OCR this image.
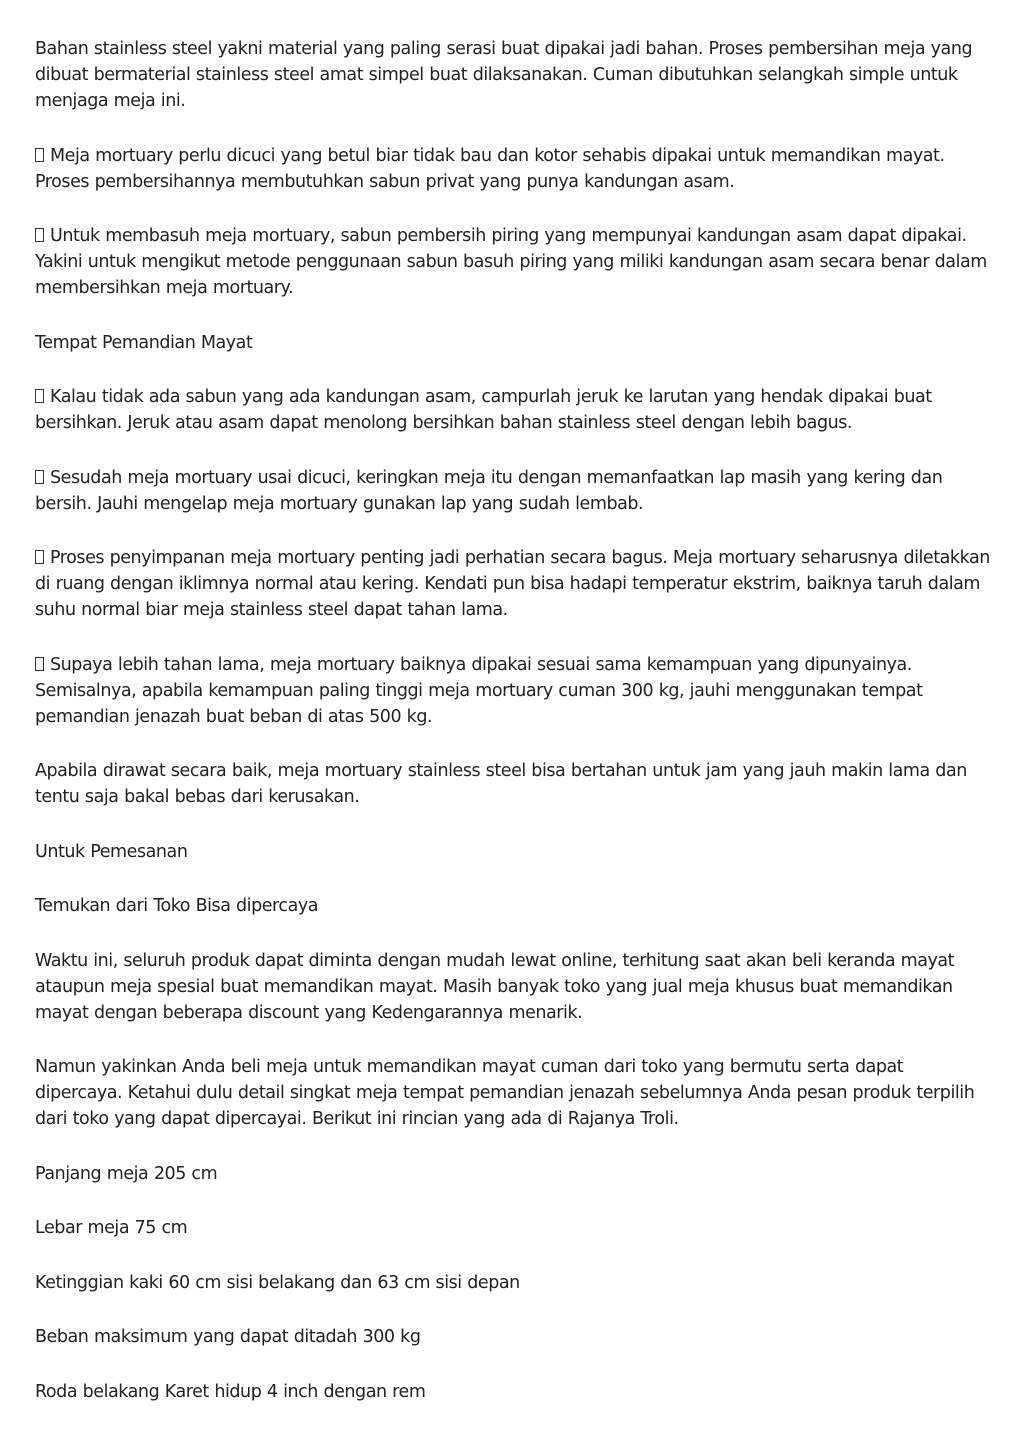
Bahan stainless steel yakni material yang paling serasi buat dipakai jadi bahan. Proses pembersihan meja yang dibuat bermaterial stainless steel amat simpel buat dilaksanakan. Cuman dibutuhkan selangkah simple untuk menjaga meja ini.

Meja mortuary perlu dicuci yang betul biar tidak bau dan kotor sehabis dipakai untuk memandikan mayat. Proses pembersihannya membutuhkan sabun privat yang punya kandungan asam.

Untuk membasuh meja mortuary, sabun pembersih piring yang mempunyai kandungan asam dapat dipakai. Yakini untuk mengikut metode penggunaan sabun basuh piring yang miliki kandungan asam secara benar dalam membersihkan meja mortuary.

Tempat Pemandian Mayat

Kalau tidak ada sabun yang ada kandungan asam, campurlah jeruk ke larutan yang hendak dipakai buat bersihkan. Jeruk atau asam dapat menolong bersihkan bahan stainless steel dengan lebih bagus.

Sesudah meja mortuary usai dicuci, keringkan meja itu dengan memanfaatkan lap masih yang kering dan bersih. Jauhi mengelap meja mortuary gunakan lap yang sudah lembab.

Proses penyimpanan meja mortuary penting jadi perhatian secara bagus. Meja mortuary seharusnya diletakkan di ruang dengan iklimnya normal atau kering. Kendati pun bisa hadapi temperatur ekstrim, baiknya taruh dalam suhu normal biar meja stainless steel dapat tahan lama.

Supaya lebih tahan lama, meja mortuary baiknya dipakai sesuai sama kemampuan yang dipunyainya. Semisalnya, apabila kemampuan paling tinggi meja mortuary cuman 300 kg, jauhi menggunakan tempat pemandian jenazah buat beban di atas 500 kg.

Apabila dirawat secara baik, meja mortuary stainless steel bisa bertahan untuk jam yang jauh makin lama dan tentu saja bakal bebas dari kerusakan.

Untuk Pemesanan

Temukan dari Toko Bisa dipercaya

Waktu ini, seluruh produk dapat diminta dengan mudah lewat online, terhitung saat akan beli keranda mayat ataupun meja spesial buat memandikan mayat. Masih banyak toko yang jual meja khusus buat memandikan mayat dengan beberapa discount yang Kedengarannya menarik.

Namun yakinkan Anda beli meja untuk memandikan mayat cuman dari toko yang bermutu serta dapat dipercaya. Ketahui dulu detail singkat meja tempat pemandian jenazah sebelumnya Anda pesan produk terpilih dari toko yang dapat dipercayai. Berikut ini rincian yang ada di Rajanya Troli.

Panjang meja 205 cm

Lebar meja 75 cm

Ketinggian kaki 60 cm sisi belakang dan 63 cm sisi depan

Beban maksimum yang dapat ditadah 300 kg

Roda belakang Karet hidup 4 inch dengan rem
